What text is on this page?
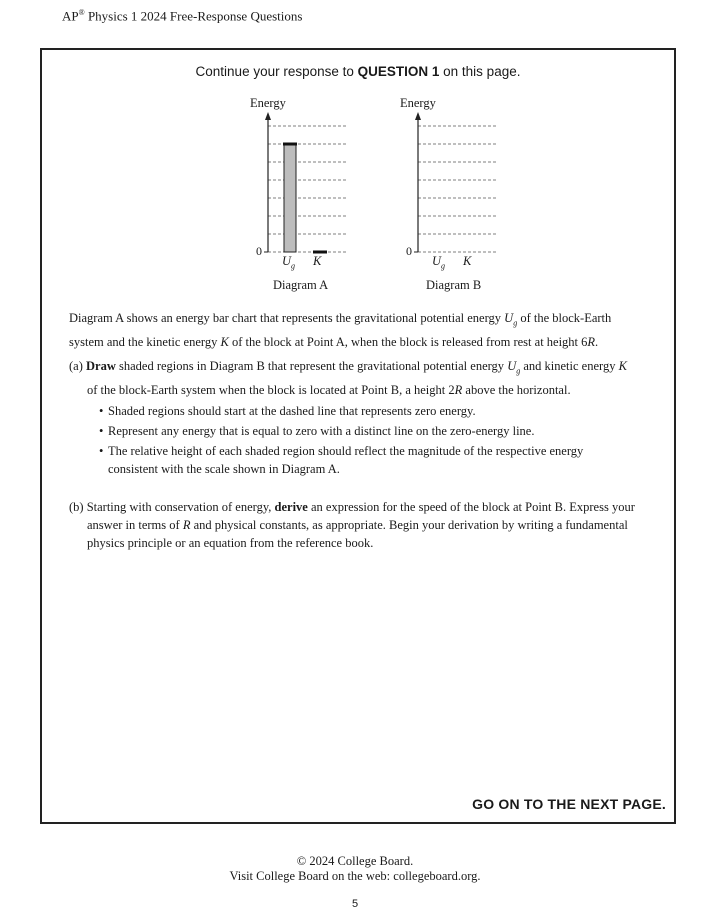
AP® Physics 1 2024 Free-Response Questions
Continue your response to QUESTION 1 on this page.
Energy
0
$U_g$ K
Diagram A
Energy
0
$U_g$ K
Diagram B
Diagram A shows an energy bar chart that represents the gravitational potential energy $U_g$ of the block-Earth
system and the kinetic energy K of the block at Point A, when the block is released from rest at height 6R.
(a) Draw shaded regions in Diagram B that represent the gravitational potential energy $U_g$ and kinetic energy K
of the block-Earth system when the block is located at Point B, a height 2R above the horizontal.
• Shaded regions should start at the dashed line that represents zero energy.
• Represent any energy that is equal to zero with a distinct line on the zero-energy line.
• The relative height of each shaded region should reflect the magnitude of the respective energy
consistent with the scale shown in Diagram A.
(b) Starting with conservation of energy, derive an expression for the speed of the block at Point B. Express your
answer in terms of R and physical constants, as appropriate. Begin your derivation by writing a fundamental
physics principle or an equation from the reference book.
GO ON TO THE NEXT PAGE.
© 2024 College Board.
Visit College Board on the web: collegeboard.org.
5
